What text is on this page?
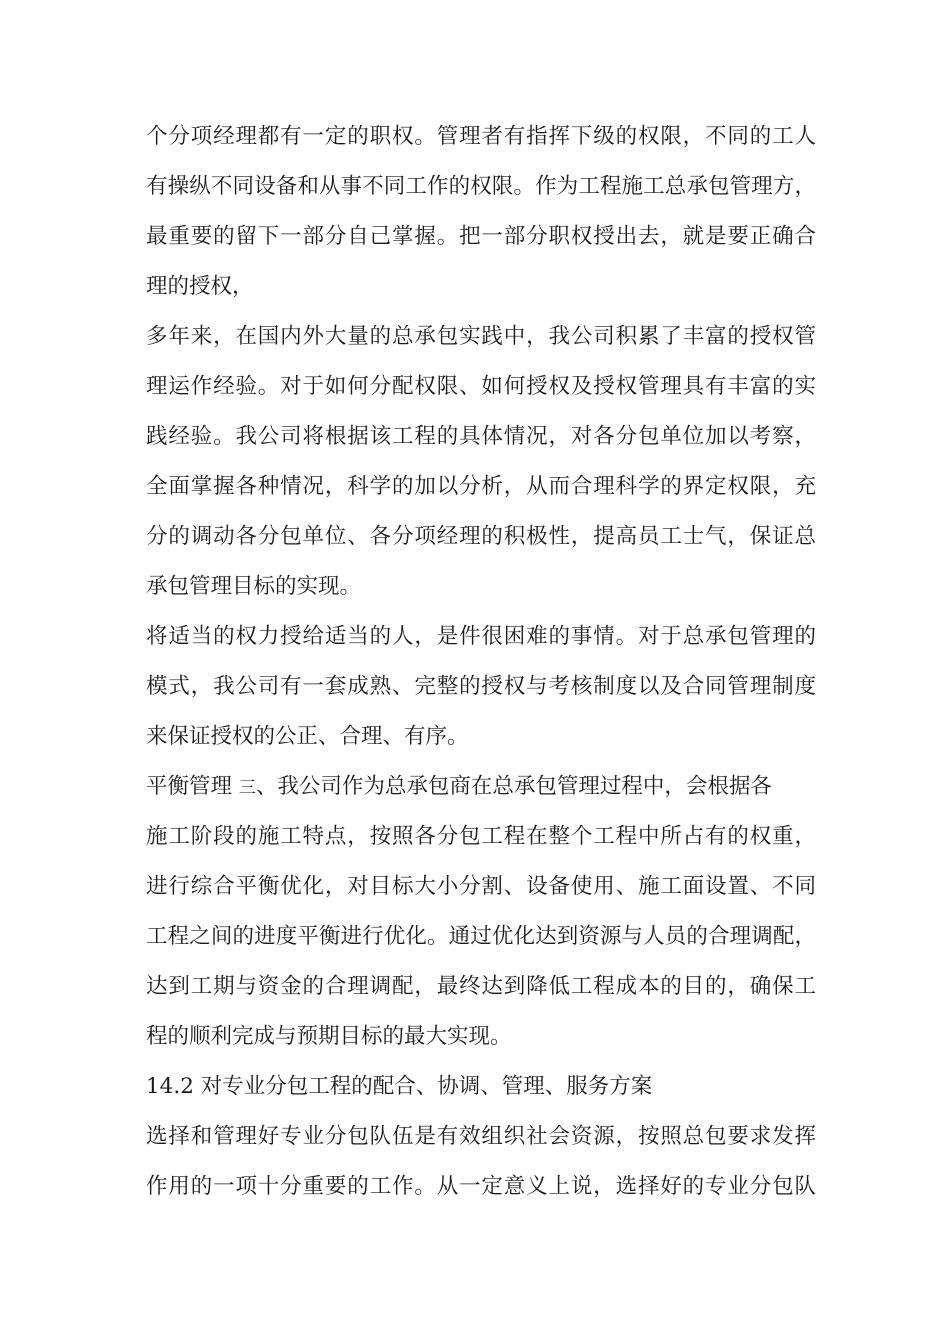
个分项经理都有一定的职权。管理者有指挥下级的权限，不同的工人
有操纵不同设备和从事不同工作的权限。作为工程施工总承包管理方，
最重要的留下一部分自己掌握。把一部分职权授出去，就是要正确合
理的授权，
多年来，在国内外大量的总承包实践中，我公司积累了丰富的授权管
理运作经验。对于如何分配权限、如何授权及授权管理具有丰富的实
践经验。我公司将根据该工程的具体情况，对各分包单位加以考察，
全面掌握各种情况，科学的加以分析，从而合理科学的界定权限，充
分的调动各分包单位、各分项经理的积极性，提高员工士气，保证总
承包管理目标的实现。
将适当的权力授给适当的人，是件很困难的事情。对于总承包管理的
模式，我公司有一套成熟、完整的授权与考核制度以及合同管理制度
来保证授权的公正、合理、有序。
平衡管理 三、我公司作为总承包商在总承包管理过程中，会根据各
施工阶段的施工特点，按照各分包工程在整个工程中所占有的权重，
进行综合平衡优化，对目标大小分割、设备使用、施工面设置、不同
工程之间的进度平衡进行优化。通过优化达到资源与人员的合理调配，
达到工期与资金的合理调配，最终达到降低工程成本的目的，确保工
程的顺利完成与预期目标的最大实现。
14.2 对专业分包工程的配合、协调、管理、服务方案
选择和管理好专业分包队伍是有效组织社会资源，按照总包要求发挥
作用的一项十分重要的工作。从一定意义上说，选择好的专业分包队
